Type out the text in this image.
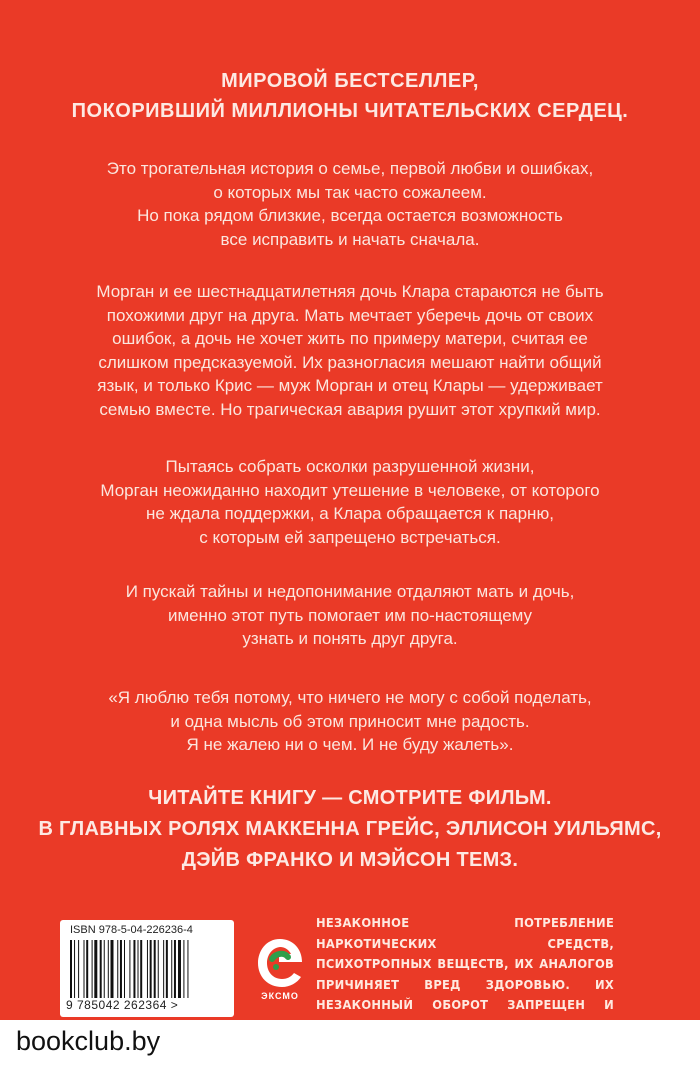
МИРОВОЙ БЕСТСЕЛЛЕР,
ПОКОРИВШИЙ МИЛЛИОНЫ ЧИТАТЕЛЬСКИХ СЕРДЕЦ.
Это трогательная история о семье, первой любви и ошибках,
о которых мы так часто сожалеем.
Но пока рядом близкие, всегда остается возможность
все исправить и начать сначала.
Морган и ее шестнадцатилетняя дочь Клара стараются не быть
похожими друг на друга. Мать мечтает уберечь дочь от своих
ошибок, а дочь не хочет жить по примеру матери, считая ее
слишком предсказуемой. Их разногласия мешают найти общий
язык, и только Крис — муж Морган и отец Клары — удерживает
семью вместе. Но трагическая авария рушит этот хрупкий мир.
Пытаясь собрать осколки разрушенной жизни,
Морган неожиданно находит утешение в человеке, от которого
не ждала поддержки, а Клара обращается к парню,
с которым ей запрещено встречаться.
И пускай тайны и недопонимание отдаляют мать и дочь,
именно этот путь помогает им по-настоящему
узнать и понять друг друга.
«Я люблю тебя потому, что ничего не могу с собой поделать,
и одна мысль об этом приносит мне радость.
Я не жалею ни о чем. И не буду жалеть».
ЧИТАЙТЕ КНИГУ — СМОТРИТЕ ФИЛЬМ.
В ГЛАВНЫХ РОЛЯХ МАККЕННА ГРЕЙС, ЭЛЛИСОН УИЛЬЯМС,
ДЭЙВ ФРАНКО И МЭЙСОН ТЕМЗ.
ISBN 978-5-04-226236-4
9 785042 262364 >
ЭКСМО
НЕЗАКОННОЕ ПОТРЕБЛЕНИЕ НАРКОТИЧЕСКИХ СРЕДСТВ, ПСИХОТРОПНЫХ ВЕЩЕСТВ, ИХ АНАЛОГОВ ПРИЧИНЯЕТ ВРЕД ЗДОРОВЬЮ. ИХ НЕЗАКОННЫЙ ОБОРОТ ЗАПРЕЩЕН И
bookclub.by
